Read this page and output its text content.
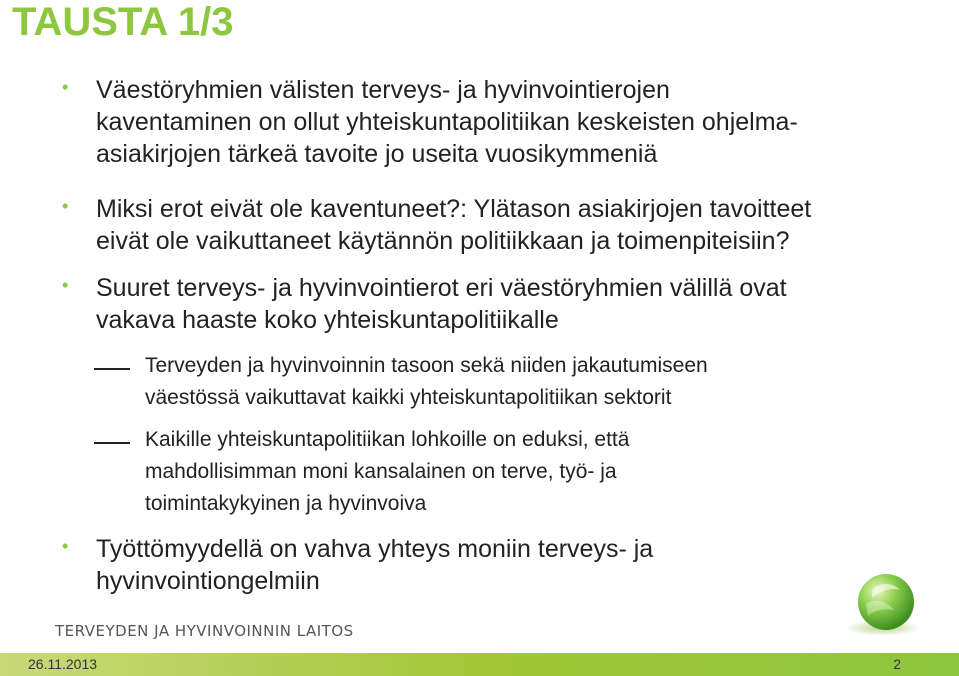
TAUSTA 1/3
• Väestöryhmien välisten terveys- ja hyvinvointierojen
kaventaminen on ollut yhteiskuntapolitiikan keskeisten ohjelma-
asiakirjojen tärkeä tavoite jo useita vuosikymmeniä
• Miksi erot eivät ole kaventuneet?: Ylätason asiakirjojen tavoitteet
eivät ole vaikuttaneet käytännön politiikkaan ja toimenpiteisiin?
• Suuret terveys- ja hyvinvointierot eri väestöryhmien välillä ovat
vakava haaste koko yhteiskuntapolitiikalle
Terveyden ja hyvinvoinnin tasoon sekä niiden jakautumiseen
väestössä vaikuttavat kaikki yhteiskuntapolitiikan sektorit
Kaikille yhteiskuntapolitiikan lohkoille on eduksi, että
mahdollisimman moni kansalainen on terve, työ- ja
toimintakykyinen ja hyvinvoiva
• Työttömyydellä on vahva yhteys moniin terveys- ja
hyvinvointiongelmiin
TERVEYDEN JA HYVINVOINNIN LAITOS
26.11.2013	2
